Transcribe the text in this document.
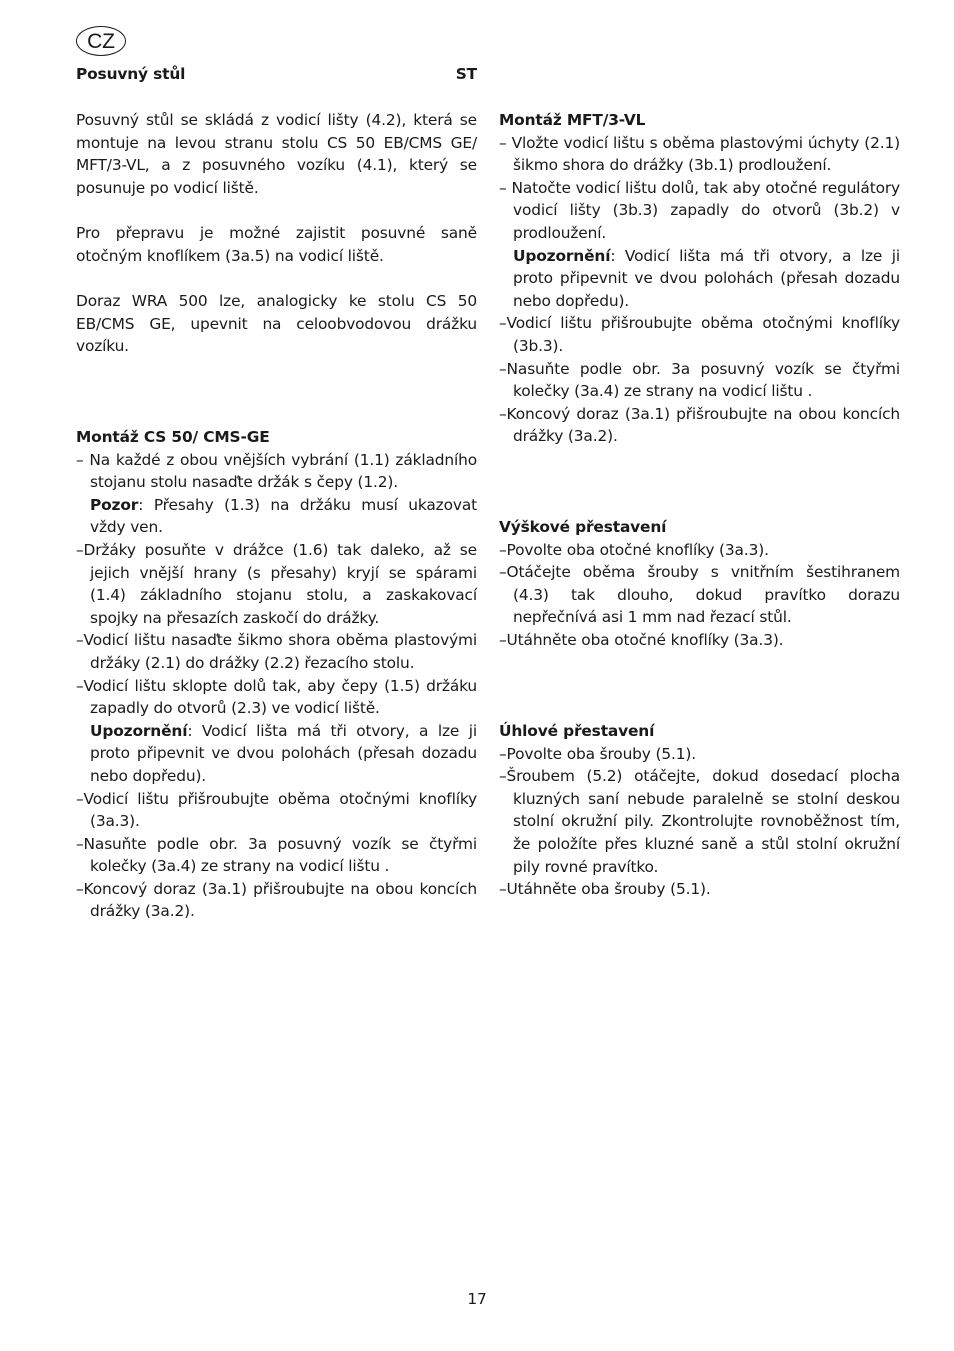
CZ
Posuvný stůl	ST

Posuvný stůl se skládá z vodicí lišty (4.2), která se montuje na levou stranu stolu CS 50 EB/CMS GE/ MFT/3-VL, a z posuvného vozíku (4.1), který se posunuje po vodicí liště.

Pro přepravu je možné zajistit posuvné saně otočným knoflíkem (3a.5) na vodicí liště.

Doraz WRA 500 lze, analogicky ke stolu CS 50 EB/CMS GE, upevnit na celoobvodovou drážku vozíku.

Montáž CS 50/ CMS-GE
– Na každé z obou vnějších vybrání (1.1) základního stojanu stolu nasaďte držák s čepy (1.2).
Pozor: Přesahy (1.3) na držáku musí ukazovat vždy ven.
–Držáky posuňte v drážce (1.6) tak daleko, až se jejich vnější hrany (s přesahy) kryjí se spárami (1.4) základního stojanu stolu, a zaskakovací spojky na přesazích zaskočí do drážky.
–Vodicí lištu nasaďte šikmo shora oběma plastovými držáky (2.1) do drážky (2.2) řezacího stolu.
–Vodicí lištu sklopte dolů tak, aby čepy (1.5) držáku zapadly do otvorů (2.3) ve vodicí liště.
Upozornění: Vodicí lišta má tři otvory, a lze ji proto připevnit ve dvou polohách (přesah dozadu nebo dopředu).
–Vodicí lištu přišroubujte oběma otočnými knoflíky (3a.3).
–Nasuňte podle obr. 3a posuvný vozík se čtyřmi kolečky (3a.4) ze strany na vodicí lištu .
–Koncový doraz (3a.1) přišroubujte na obou koncích drážky (3a.2).
Montáž MFT/3-VL
– Vložte vodicí lištu s oběma plastovými úchyty (2.1) šikmo shora do drážky (3b.1) prodloužení.
– Natočte vodicí lištu dolů, tak aby otočné regulátory vodicí lišty (3b.3) zapadly do otvorů (3b.2) v prodloužení.
Upozornění: Vodicí lišta má tři otvory, a lze ji proto připevnit ve dvou polohách (přesah dozadu nebo dopředu).
–Vodicí lištu přišroubujte oběma otočnými knoflíky (3b.3).
–Nasuňte podle obr. 3a posuvný vozík se čtyřmi kolečky (3a.4) ze strany na vodicí lištu .
–Koncový doraz (3a.1) přišroubujte na obou koncích drážky (3a.2).
Výškové přestavení
–Povolte oba otočné knoflíky (3a.3).
–Otáčejte oběma šrouby s vnitřním šestihranem (4.3) tak dlouho, dokud pravítko dorazu nepřečnívá asi 1 mm nad řezací stůl.
–Utáhněte oba otočné knoflíky (3a.3).
Úhlové přestavení
–Povolte oba šrouby (5.1).
–Šroubem (5.2) otáčejte, dokud dosedací plocha kluzných saní nebude paralelně se stolní deskou stolní okružní pily. Zkontrolujte rovnoběžnost tím, že položíte přes kluzné saně a stůl stolní okružní pily rovné pravítko.
–Utáhněte oba šrouby (5.1).
17
